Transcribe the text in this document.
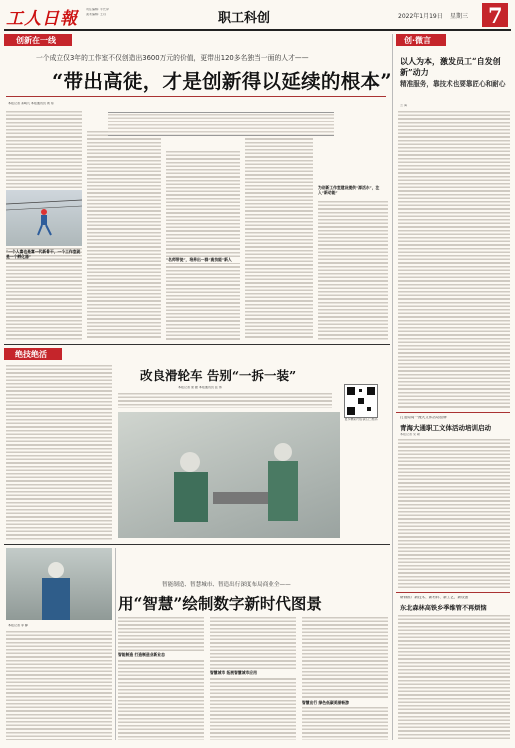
工人日報	责任编辑: 牛长岸
美术编辑: 王丹	职工科创	2022年1月19日 星期三 7
创新在一线	创·微言
一个成立仅3年的工作室不仅创造出3600万元的价值，更带出120多名独当一面的人才——
“带出高徒，才是创新得以延续的根本”
本报记者 邓崎凡 本报通讯员 周 东
“一个人富也是富一代新骨干，一个工作室就是一个孵化器”
“名师带徒”，培养出一群“高技能”新人
为创新工作室建设提供“源活水”，注入“新动能”
以人为本，激发员工“自发创新”动力
精准服务，靠技术也要靠匠心和耐心
兰 海
打造周周一流大文体活动品牌
青海大通职工文体活动培训启动
本报记者 宋 敏
研制推广新技术、新材料、新工艺，新设备
东北森林高铁乡季维管不再烦恼
绝技绝活
改良滑轮车 告别“一拆一装”
本报记者 庞 媛 本报通讯员 张 伟
更多精彩内容请扫二维码
本报记者 李 静
智能制造、智慧城市、智造出行深度布局商业全——
用“智慧”绘制数字新时代图景
智能制造 打造制造业新业态
智慧城市 拓展智慧城市应用
智慧出行 绿色低碳美丽畅游
